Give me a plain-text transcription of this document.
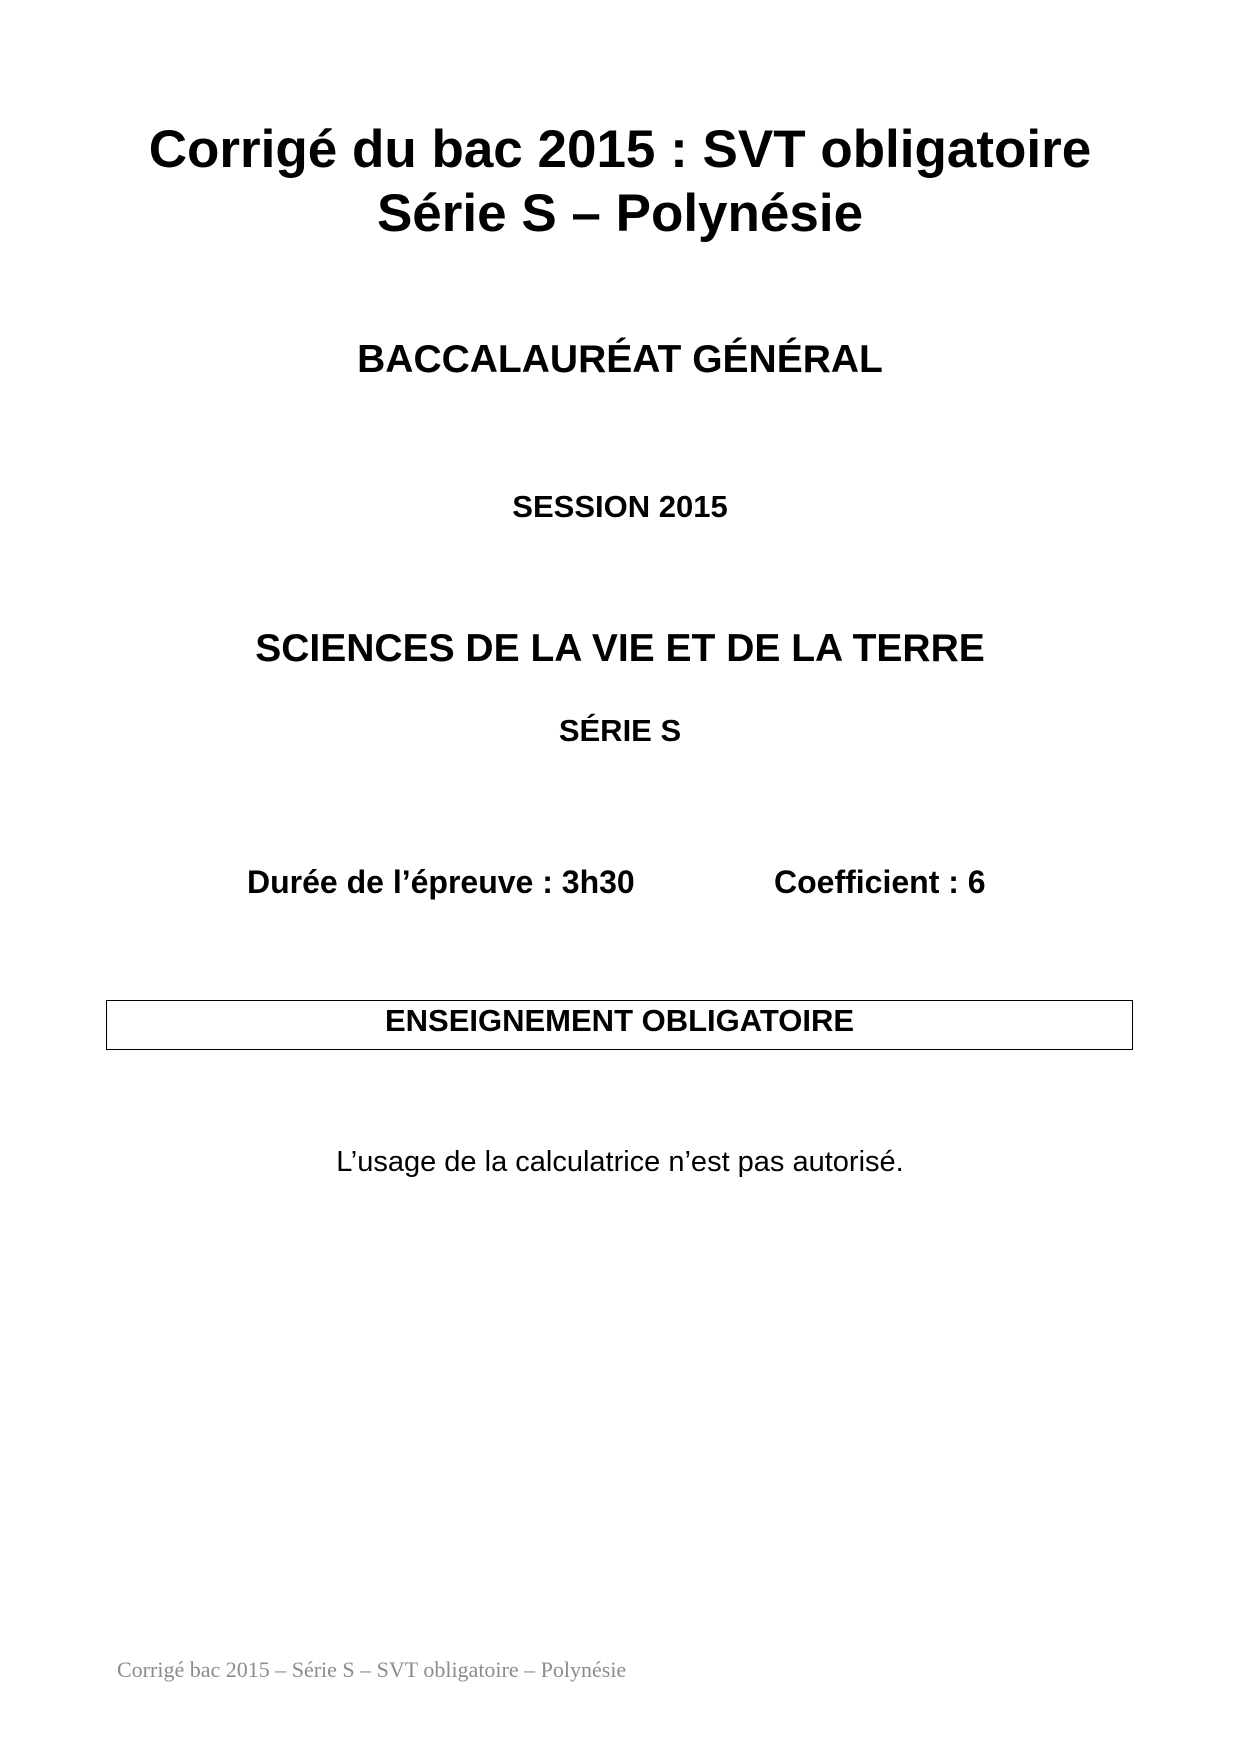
Corrigé du bac 2015 : SVT obligatoire
Série S – Polynésie
BACCALAURÉAT GÉNÉRAL
SESSION 2015
SCIENCES DE LA VIE ET DE LA TERRE
SÉRIE S
Durée de l’épreuve : 3h30	Coefficient : 6
ENSEIGNEMENT OBLIGATOIRE
L’usage de la calculatrice n’est pas autorisé.
Corrigé bac 2015 – Série S – SVT obligatoire – Polynésie
